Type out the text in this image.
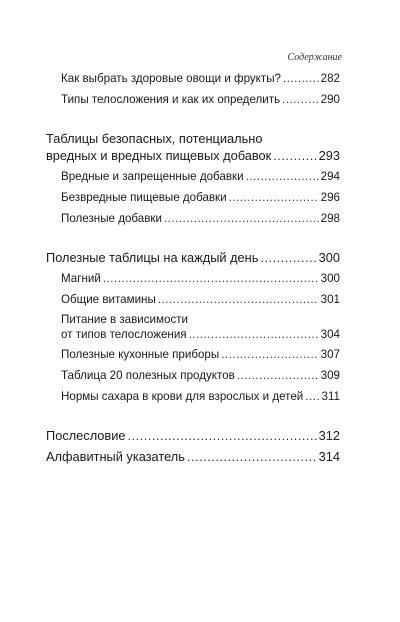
Содержание
Как выбрать здоровые овощи и фрукты? .....	282
Типы телосложения и как их определить .....	290
Таблицы безопасных, потенциально
вредных и вредных пищевых добавок .....	293
Вредные и запрещенные добавки .....	294
Безвредные пищевые добавки .....	296
Полезные добавки .....	298
Полезные таблицы на каждый день .....	300
Магний .....	300
Общие витамины .....	301
Питание в зависимости
от типов телосложения .....	304
Полезные кухонные приборы .....	307
Таблица 20 полезных продуктов .....	309
Нормы сахара в крови для взрослых и детей ..... 311
Послесловие .....	312
Алфавитный указатель .....	314
